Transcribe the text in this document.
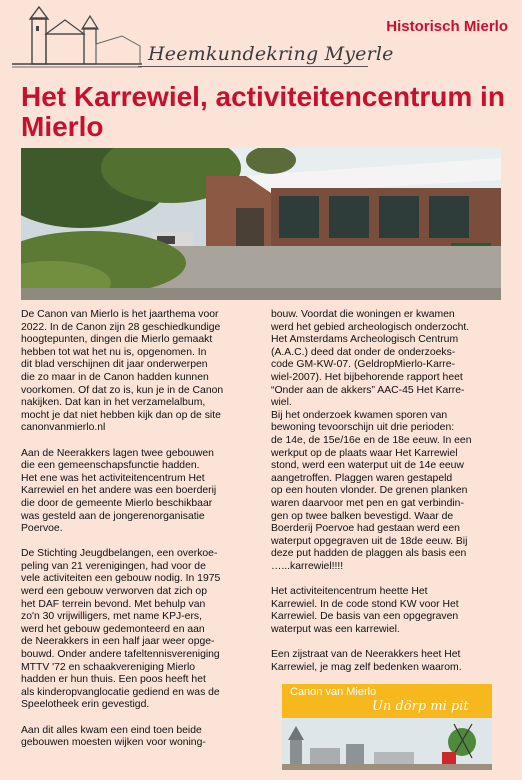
Heemkundekring Myerle
Historisch Mierlo
Het Karrewiel, activiteitencentrum in Mierlo

De Canon van Mierlo is het jaarthema voor
2022. In de Canon zijn 28 geschiedkundige
hoogtepunten, dingen die Mierlo gemaakt
hebben tot wat het nu is, opgenomen. In
dit blad verschijnen dit jaar onderwerpen
die zo maar in de Canon hadden kunnen
voorkomen. Of dat zo is, kun je in de Canon
nakijken. Dat kan in het verzamelalbum,
mocht je dat niet hebben kijk dan op de site
canonvanmierlo.nl

Aan de Neerakkers lagen twee gebouwen
die een gemeenschapsfunctie hadden.
Het ene was het activiteitencentrum Het
Karrewiel en het andere was een boerderij
die door de gemeente Mierlo beschikbaar
was gesteld aan de jongerenorganisatie
Poervoe.

De Stichting Jeugdbelangen, een overkoe-
peling van 21 verenigingen, had voor de
vele activiteiten een gebouw nodig. In 1975
werd een gebouw verworven dat zich op
het DAF terrein bevond. Met behulp van
zo'n 30 vrijwilligers, met name KPJ-ers,
werd het gebouw gedemonteerd en aan
de Neerakkers in een half jaar weer opge-
bouwd. Onder andere tafeltennisvereniging
MTTV '72 en schaakvereniging Mierlo
hadden er hun thuis. Een poos heeft het
als kinderopvanglocatie gediend en was de
Speelotheek erin gevestigd.

Aan dit alles kwam een eind toen beide
gebouwen moesten wijken voor woning-

bouw. Voordat die woningen er kwamen
werd het gebied archeologisch onderzocht.
Het Amsterdams Archeologisch Centrum
(A.A.C.) deed dat onder de onderzoeks-
code GM-KW-07. (GeldropMierlo-Karre-
wiel-2007). Het bijbehorende rapport heet
“Onder aan de akkers” AAC-45 Het Karre-
wiel.
Bij het onderzoek kwamen sporen van
bewoning tevoorschijn uit drie perioden:
de 14e, de 15e/16e en de 18e eeuw. In een
werkput op de plaats waar Het Karrewiel
stond, werd een waterput uit de 14e eeuw
aangetroffen. Plaggen waren gestapeld
op een houten vlonder. De grenen planken
waren daarvoor met pen en gat verbindin-
gen op twee balken bevestigd. Waar de
Boerderij Poervoe had gestaan werd een
waterput opgegraven uit de 18de eeuw. Bij
deze put hadden de plaggen als basis een
…...karrewiel!!!!

Het activiteitencentrum heette Het
Karrewiel. In de code stond KW voor Het
Karrewiel. De basis van een opgegraven
waterput was een karrewiel.

Een zijstraat van de Neerakkers heet Het
Karrewiel, je mag zelf bedenken waarom.

Canon van Mierlo
Un dörp mi pit
